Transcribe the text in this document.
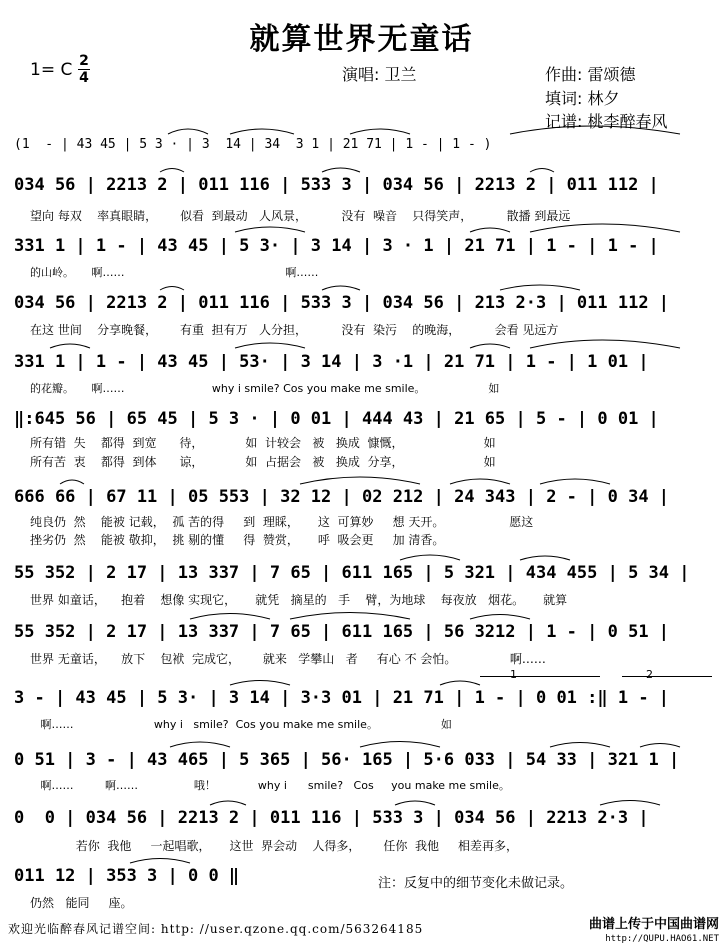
就算世界无童话
1= C 2
4	演唱: 卫兰	作曲: 雷颂德
填词: 林夕
记谱: 桃李醉春风
(1  - | 43 45 | 5 3 · | 3  14 | 34  3 1 | 21 71 | 1 - | 1 - )
034 56 | 2213 2 | 011 116 | 533 3 | 034 56 | 2213 2 | 011 112 |
望向 每双    率真眼睛，      似看  到最动   人风景，         没有  噪音    只得笑声，         散播 到最远
331 1 | 1 - | 43 45 | 5 3· | 3 14 | 3 · 1 | 21 71 | 1 - | 1 - |
的山岭。     啊……                                              啊……
034 56 | 2213 2 | 011 116 | 533 3 | 034 56 | 213 2·3 | 011 112 |
在这 世间    分享晚餐，      有重  担有万   人分担，         没有  染污    的晚海，         会看 见远方
331 1 | 1 - | 43 45 | 53· | 3 14 | 3 ·1 | 21 71 | 1 - | 1 01 |
的花瓣。     啊……                         why i smile? Cos you make me smile。                  如
‖:645 56 | 65 45 | 5 3 · | 0 01 | 444 43 | 21 65 | 5 - | 0 01 |
所有错  失    都得  到宽      待，           如  计较会   被   换成  慷慨，                     如
所有苦  衷    都得  到体      谅，           如  占据会   被   换成  分享，                     如
666 66 | 67 11 | 05 553 | 32 12 | 02 212 | 24 343 | 2 - | 0 34 |
纯良仍  然    能被 记载，  孤 苦的得     到  理睬，     这  可算妙     想 天开。                 愿这
挫劣仍  然    能被 敬抑，  挑 剔的懂     得  赞赏，     呼  吸会更     加 清香。
55 352 | 2 17 | 13 337 | 7 65 | 611 165 | 5 321 | 434 455 | 5 34 |
世界 如童话，    抱着    想像 实现它，     就凭   摘星的   手    臂，为地球    每夜放   烟花。     就算
55 352 | 2 17 | 13 337 | 7 65 | 611 165 | 56 3212 | 1 - | 0 51 |
世界 无童话，    放下    包袱  完成它，      就来   学攀山   者     有心 不 会怕。              啊……
1	2
3 - | 43 45 | 5 3· | 3 14 | 3·3 01 | 21 71 | 1 - | 0 01 :‖ 1 - |
啊……                       why i   smile?  Cos you make me smile。                  如
0 51 | 3 - | 43 465 | 5 365 | 56· 165 | 5·6 033 | 54 33 | 321 1 |
啊……         啊……                哦！            why i      smile?   Cos     you make me smile。
0  0 | 034 56 | 2213 2 | 011 116 | 533 3 | 034 56 | 2213 2·3 |
若你  我他     一起唱歌，     这世  界会动    人得多，      任你  我他     相差再多，
011 12 | 353 3 | 0 0 ‖
仍然   能同     座。
注：反复中的细节变化未做记录。
欢迎光临醉春风记谱空间: http: //user.qzone.qq.com/563264185	曲谱上传于中国曲谱网
http://QUPU.HAO61.NET
